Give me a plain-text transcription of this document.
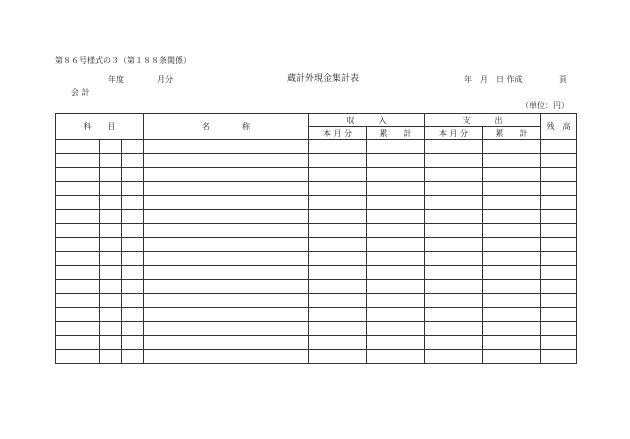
第８６号様式の３（第１８８条関係）
年度	月分	蔵計外現金集計表	年　月　日 作成	頁
会 計
（単位：円）
科　　目			名　　　　称	収　　　入		支　　　出		残　高
				本 月 分	累　　計	本 月 分	累　　計	
